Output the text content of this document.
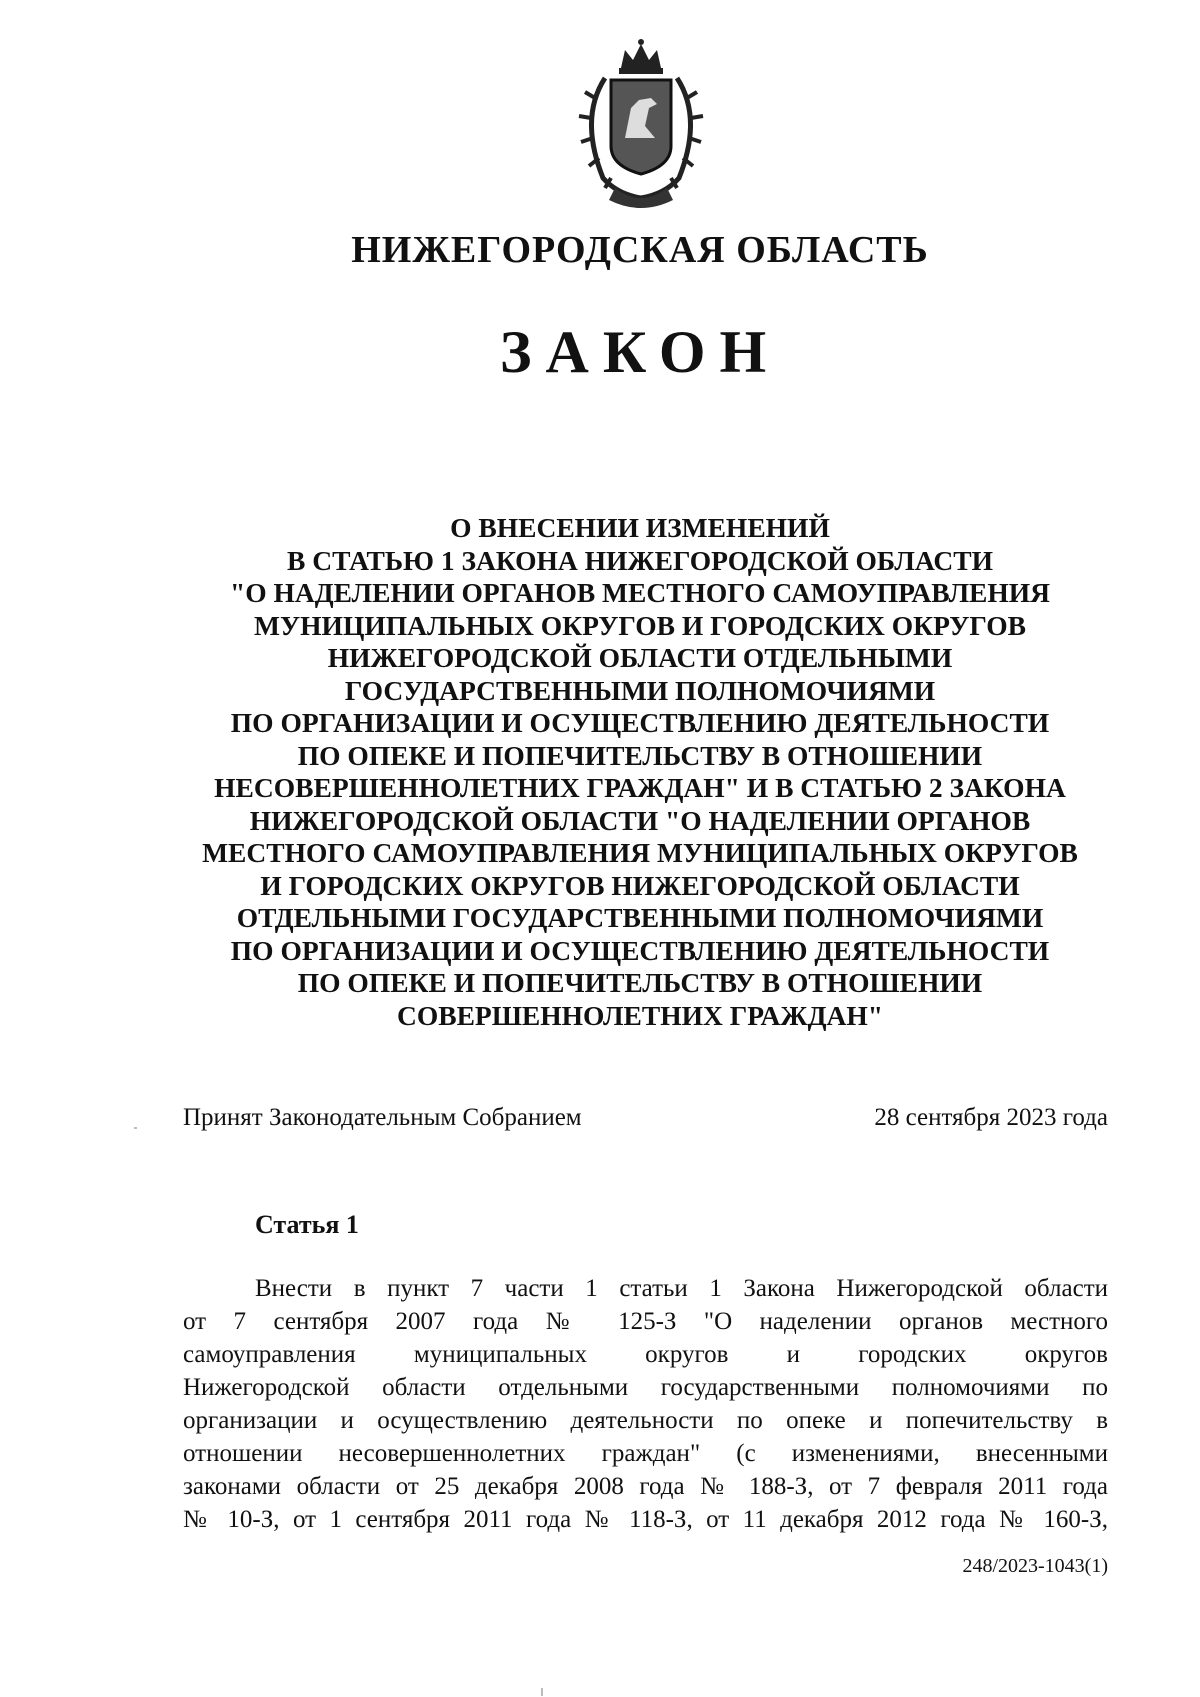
НИЖЕГОРОДСКАЯ ОБЛАСТЬ
ЗАКОН
О ВНЕСЕНИИ ИЗМЕНЕНИЙ
В СТАТЬЮ 1 ЗАКОНА НИЖЕГОРОДСКОЙ ОБЛАСТИ
"О НАДЕЛЕНИИ ОРГАНОВ МЕСТНОГО САМОУПРАВЛЕНИЯ
МУНИЦИПАЛЬНЫХ ОКРУГОВ И ГОРОДСКИХ ОКРУГОВ
НИЖЕГОРОДСКОЙ ОБЛАСТИ ОТДЕЛЬНЫМИ
ГОСУДАРСТВЕННЫМИ ПОЛНОМОЧИЯМИ
ПО ОРГАНИЗАЦИИ И ОСУЩЕСТВЛЕНИЮ ДЕЯТЕЛЬНОСТИ
ПО ОПЕКЕ И ПОПЕЧИТЕЛЬСТВУ В ОТНОШЕНИИ
НЕСОВЕРШЕННОЛЕТНИХ ГРАЖДАН" И В СТАТЬЮ 2 ЗАКОНА
НИЖЕГОРОДСКОЙ ОБЛАСТИ "О НАДЕЛЕНИИ ОРГАНОВ
МЕСТНОГО САМОУПРАВЛЕНИЯ МУНИЦИПАЛЬНЫХ ОКРУГОВ
И ГОРОДСКИХ ОКРУГОВ НИЖЕГОРОДСКОЙ ОБЛАСТИ
ОТДЕЛЬНЫМИ ГОСУДАРСТВЕННЫМИ ПОЛНОМОЧИЯМИ
ПО ОРГАНИЗАЦИИ И ОСУЩЕСТВЛЕНИЮ ДЕЯТЕЛЬНОСТИ
ПО ОПЕКЕ И ПОПЕЧИТЕЛЬСТВУ В ОТНОШЕНИИ
СОВЕРШЕННОЛЕТНИХ ГРАЖДАН"
Принят Законодательным Собранием	28 сентября 2023 года
Статья 1
Внести в пункт 7 части 1 статьи 1 Закона Нижегородской области
от 7 сентября 2007 года № 125-З "О наделении органов местного
самоуправления муниципальных округов и городских округов
Нижегородской области отдельными государственными полномочиями по
организации и осуществлению деятельности по опеке и попечительству в
отношении несовершеннолетних граждан" (с изменениями, внесенными
законами области от 25 декабря 2008 года № 188-З, от 7 февраля 2011 года
№ 10-З, от 1 сентября 2011 года № 118-З, от 11 декабря 2012 года № 160-З,
248/2023-1043(1)
